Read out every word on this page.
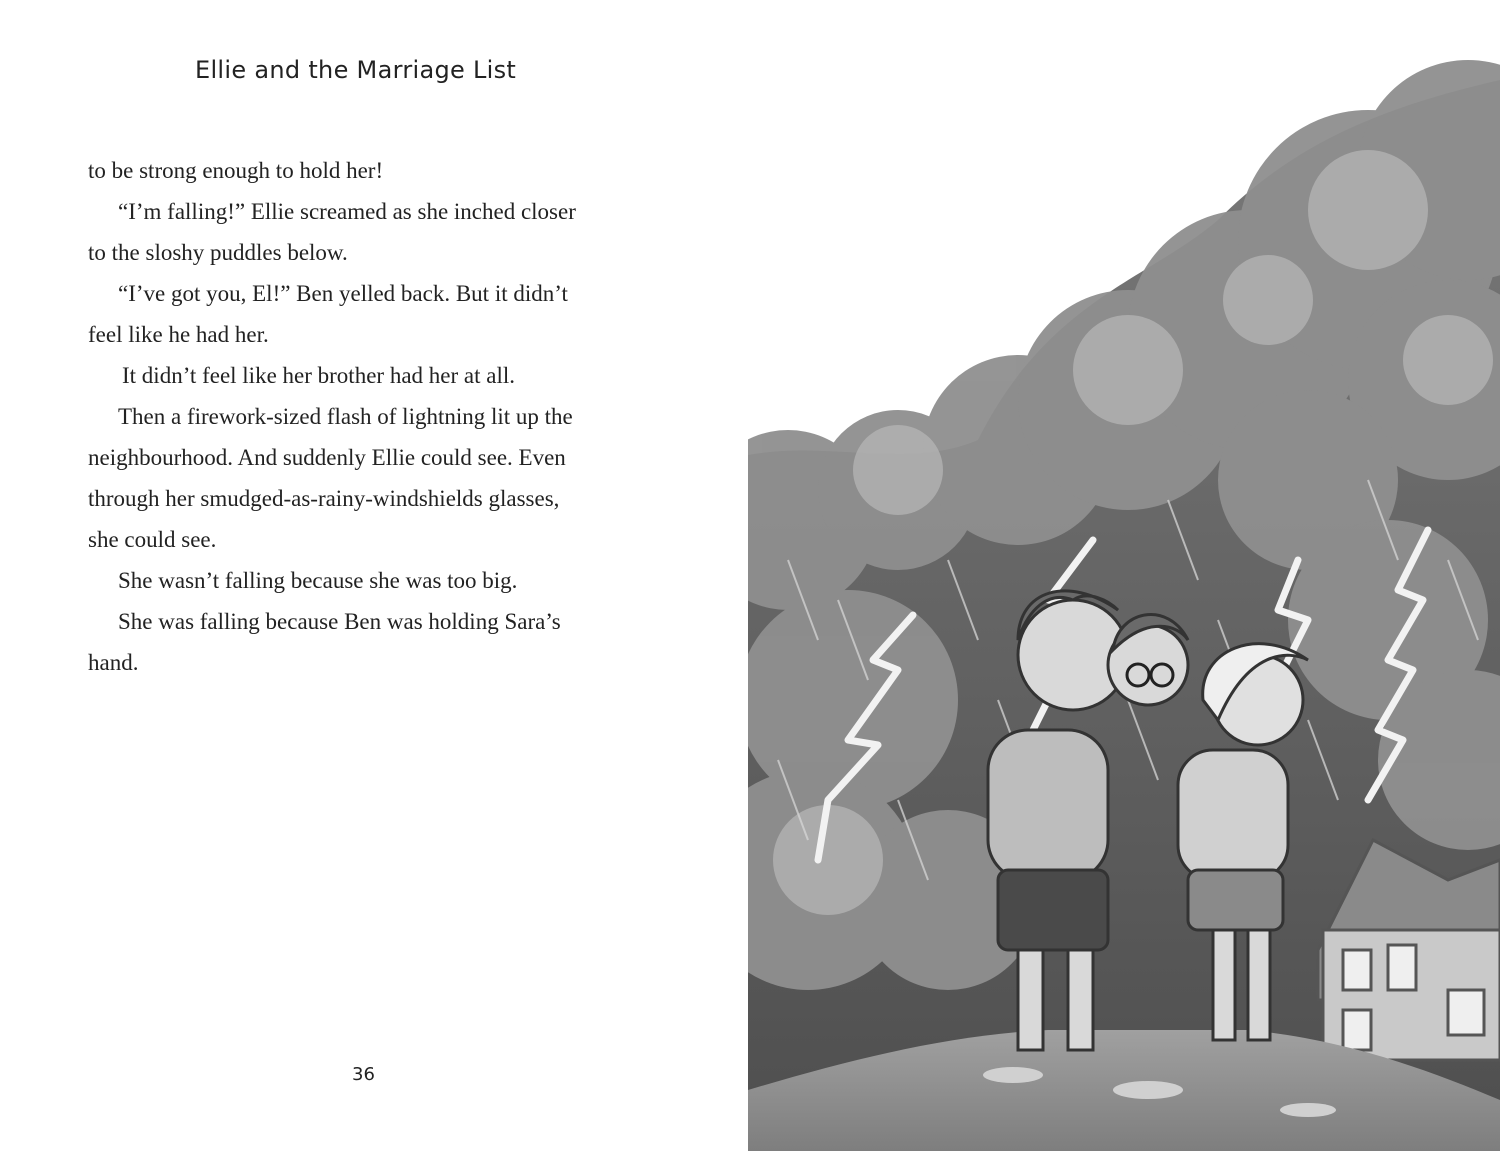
Ellie and the Marriage List

to be strong enough to hold her!

“I’m falling!” Ellie screamed as she inched closer

to the sloshy puddles below.

“I’ve got you, El!” Ben yelled back. But it didn’t

feel like he had her.

It didn’t feel like her brother had her at all.

Then a firework-sized flash of lightning lit up the

neighbourhood. And suddenly Ellie could see. Even

through her smudged-as-rainy-windshields glasses,

she could see.

She wasn’t falling because she was too big.

She was falling because Ben was holding Sara’s

hand.

36
